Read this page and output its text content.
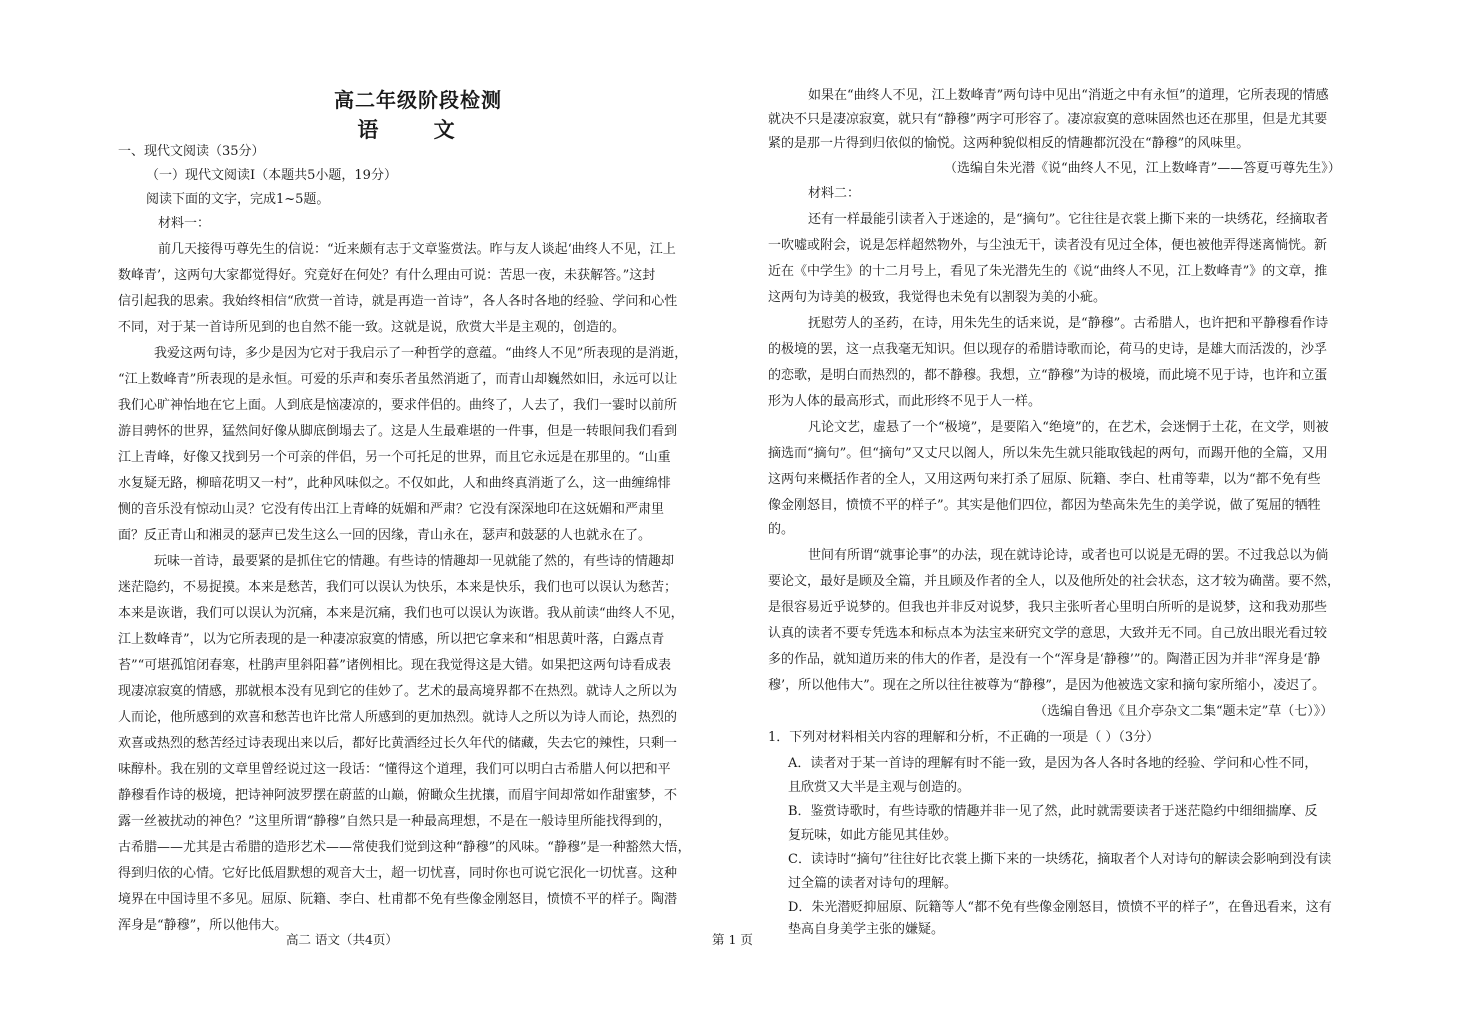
高二年级阶段检测
语 文
一、现代文阅读（35分）
（一）现代文阅读Ⅰ（本题共5小题，19分）
阅读下面的文字，完成1~5题。
材料一：
前几天接得丏尊先生的信说：“近来颇有志于文章鉴赏法。昨与友人谈起‘曲终人不见，江上
数峰青’，这两句大家都觉得好。究竟好在何处？有什么理由可说：苦思一夜，未获解答。”这封
信引起我的思索。我始终相信“欣赏一首诗，就是再造一首诗”，各人各时各地的经验、学问和心性
不同，对于某一首诗所见到的也自然不能一致。这就是说，欣赏大半是主观的，创造的。
我爱这两句诗，多少是因为它对于我启示了一种哲学的意蕴。“曲终人不见”所表现的是消逝，
“江上数峰青”所表现的是永恒。可爱的乐声和奏乐者虽然消逝了，而青山却巍然如旧，永远可以让
我们心旷神怡地在它上面。人到底是恼凄凉的，要求伴侣的。曲终了，人去了，我们一霎时以前所
游目骋怀的世界，猛然间好像从脚底倒塌去了。这是人生最难堪的一件事，但是一转眼间我们看到
江上青峰，好像又找到另一个可亲的伴侣，另一个可托足的世界，而且它永远是在那里的。“山重
水复疑无路，柳暗花明又一村”，此种风味似之。不仅如此，人和曲终真消逝了么，这一曲缠绵悱
恻的音乐没有惊动山灵？它没有传出江上青峰的妩媚和严肃？它没有深深地印在这妩媚和严肃里
面？反正青山和湘灵的瑟声已发生这么一回的因缘，青山永在，瑟声和鼓瑟的人也就永在了。
玩味一首诗，最要紧的是抓住它的情趣。有些诗的情趣却一见就能了然的，有些诗的情趣却
迷茫隐约，不易捉摸。本来是愁苦，我们可以误认为快乐，本来是快乐，我们也可以误认为愁苦；
本来是诙谐，我们可以误认为沉痛，本来是沉痛，我们也可以误认为诙谐。我从前读“曲终人不见，
江上数峰青”，以为它所表现的是一种凄凉寂寞的情感，所以把它拿来和“相思黄叶落，白露点青
苔”“可堪孤馆闭春寒，杜鹃声里斜阳暮”诸例相比。现在我觉得这是大错。如果把这两句诗看成表
现凄凉寂寞的情感，那就根本没有见到它的佳妙了。艺术的最高境界都不在热烈。就诗人之所以为
人而论，他所感到的欢喜和愁苦也许比常人所感到的更加热烈。就诗人之所以为诗人而论，热烈的
欢喜或热烈的愁苦经过诗表现出来以后，都好比黄酒经过长久年代的储藏，失去它的辣性，只剩一
味醇朴。我在别的文章里曾经说过这一段话：“懂得这个道理，我们可以明白古希腊人何以把和平
静穆看作诗的极境，把诗神阿波罗摆在蔚蓝的山巅，俯瞰众生扰攘，而眉宇间却常如作甜蜜梦，不
露一丝被扰动的神色？”这里所谓“静穆”自然只是一种最高理想，不是在一般诗里所能找得到的，
古希腊——尤其是古希腊的造形艺术——常使我们觉到这种“静穆”的风味。“静穆”是一种豁然大悟，
得到归依的心情。它好比低眉默想的观音大士，超一切忧喜，同时你也可说它泯化一切忧喜。这种
境界在中国诗里不多见。屈原、阮籍、李白、杜甫都不免有些像金刚怒目，愤愤不平的样子。陶潜
浑身是“静穆”，所以他伟大。
如果在“曲终人不见，江上数峰青”两句诗中见出“消逝之中有永恒”的道理，它所表现的情感
就决不只是凄凉寂寞，就只有“静穆”两字可形容了。凄凉寂寞的意味固然也还在那里，但是尤其要
紧的是那一片得到归依似的愉悦。这两种貌似相反的情趣都沉没在“静穆”的风味里。
（选编自朱光潜《说“曲终人不见，江上数峰青”——答夏丏尊先生》）
材料二：
还有一样最能引读者入于迷途的，是“摘句”。它往往是衣裳上撕下来的一块绣花，经摘取者
一吹嘘或附会，说是怎样超然物外，与尘浊无干，读者没有见过全体，便也被他弄得迷离惝恍。新
近在《中学生》的十二月号上，看见了朱光潜先生的《说“曲终人不见，江上数峰青”》的文章，推
这两句为诗美的极致，我觉得也未免有以割裂为美的小疵。
抚慰劳人的圣药，在诗，用朱先生的话来说，是“静穆”。古希腊人，也许把和平静穆看作诗
的极境的罢，这一点我毫无知识。但以现存的希腊诗歌而论，荷马的史诗，是雄大而活泼的，沙孚
的恋歌，是明白而热烈的，都不静穆。我想，立“静穆”为诗的极境，而此境不见于诗，也许和立蛋
形为人体的最高形式，而此形终不见于人一样。
凡论文艺，虚悬了一个“极境”，是要陷入“绝境”的，在艺术，会迷惘于土花，在文学，则被
摘选而“摘句”。但“摘句”又丈尺以阁人，所以朱先生就只能取钱起的两句，而踢开他的全篇，又用
这两句来概括作者的全人，又用这两句来打杀了屈原、阮籍、李白、杜甫等辈，以为“都不免有些
像金刚怒目，愤愤不平的样子”。其实是他们四位，都因为垫高朱先生的美学说，做了冤屈的牺牲
的。
世间有所谓“就事论事”的办法，现在就诗论诗，或者也可以说是无碍的罢。不过我总以为倘
要论文，最好是顾及全篇，并且顾及作者的全人，以及他所处的社会状态，这才较为确凿。要不然，
是很容易近乎说梦的。但我也并非反对说梦，我只主张听者心里明白所听的是说梦，这和我劝那些
认真的读者不要专凭选本和标点本为法宝来研究文学的意思，大致并无不同。自己放出眼光看过较
多的作品，就知道历来的伟大的作者，是没有一个“浑身是‘静穆’”的。陶潜正因为并非“浑身是‘静
穆’，所以他伟大”。现在之所以往往被尊为“静穆”，是因为他被选文家和摘句家所缩小，凌迟了。
（选编自鲁迅《且介亭杂文二集“题未定”草（七）》）
1．下列对材料相关内容的理解和分析，不正确的一项是（ ）（3分）
A．读者对于某一首诗的理解有时不能一致，是因为各人各时各地的经验、学问和心性不同，
且欣赏又大半是主观与创造的。
B．鉴赏诗歌时，有些诗歌的情趣并非一见了然，此时就需要读者于迷茫隐约中细细揣摩、反
复玩味，如此方能见其佳妙。
C．读诗时“摘句”往往好比衣裳上撕下来的一块绣花，摘取者个人对诗句的解读会影响到没有读
过全篇的读者对诗句的理解。
D．朱光潜贬抑屈原、阮籍等人“都不免有些像金刚怒目，愤愤不平的样子”，在鲁迅看来，这有
垫高自身美学主张的嫌疑。
高二 语文（共4页）	第 1 页
